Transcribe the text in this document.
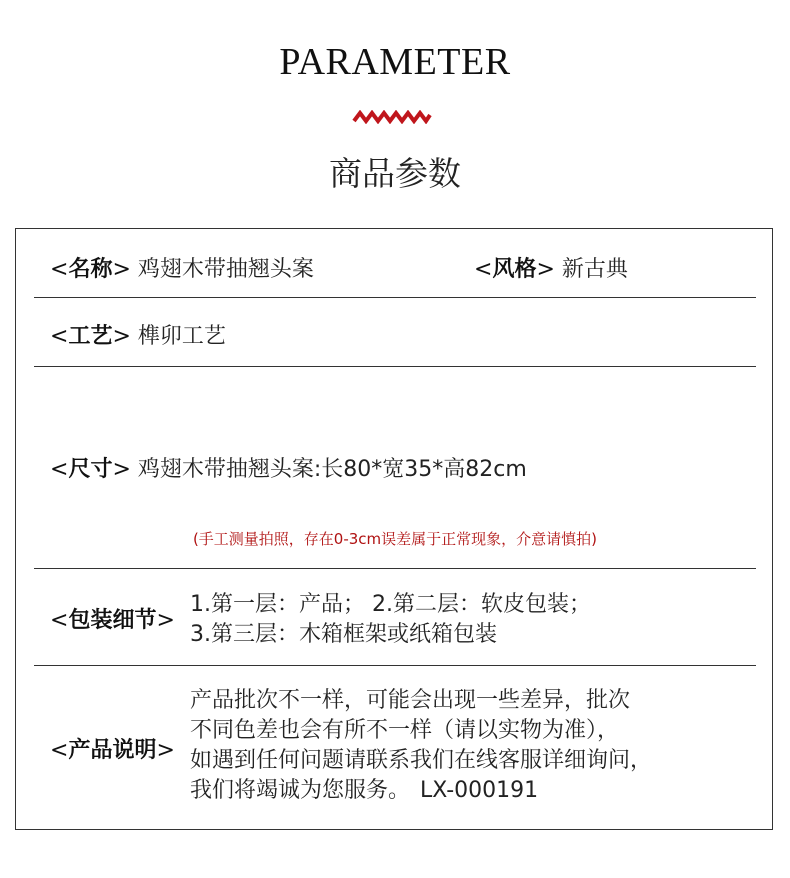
PARAMETER
商品参数
<名称> 鸡翅木带抽翘头案	<风格> 新古典
<工艺> 榫卯工艺
<尺寸> 鸡翅木带抽翘头案:长80*宽35*高82cm
(手工测量拍照，存在0-3cm误差属于正常现象，介意请慎拍)
<包装细节>
1.第一层：产品； 2.第二层：软皮包装；
3.第三层：木箱框架或纸箱包装
<产品说明>
产品批次不一样，可能会出现一些差异，批次
不同色差也会有所不一样（请以实物为准），
如遇到任何问题请联系我们在线客服详细询问，
我们将竭诚为您服务。 LX-000191
